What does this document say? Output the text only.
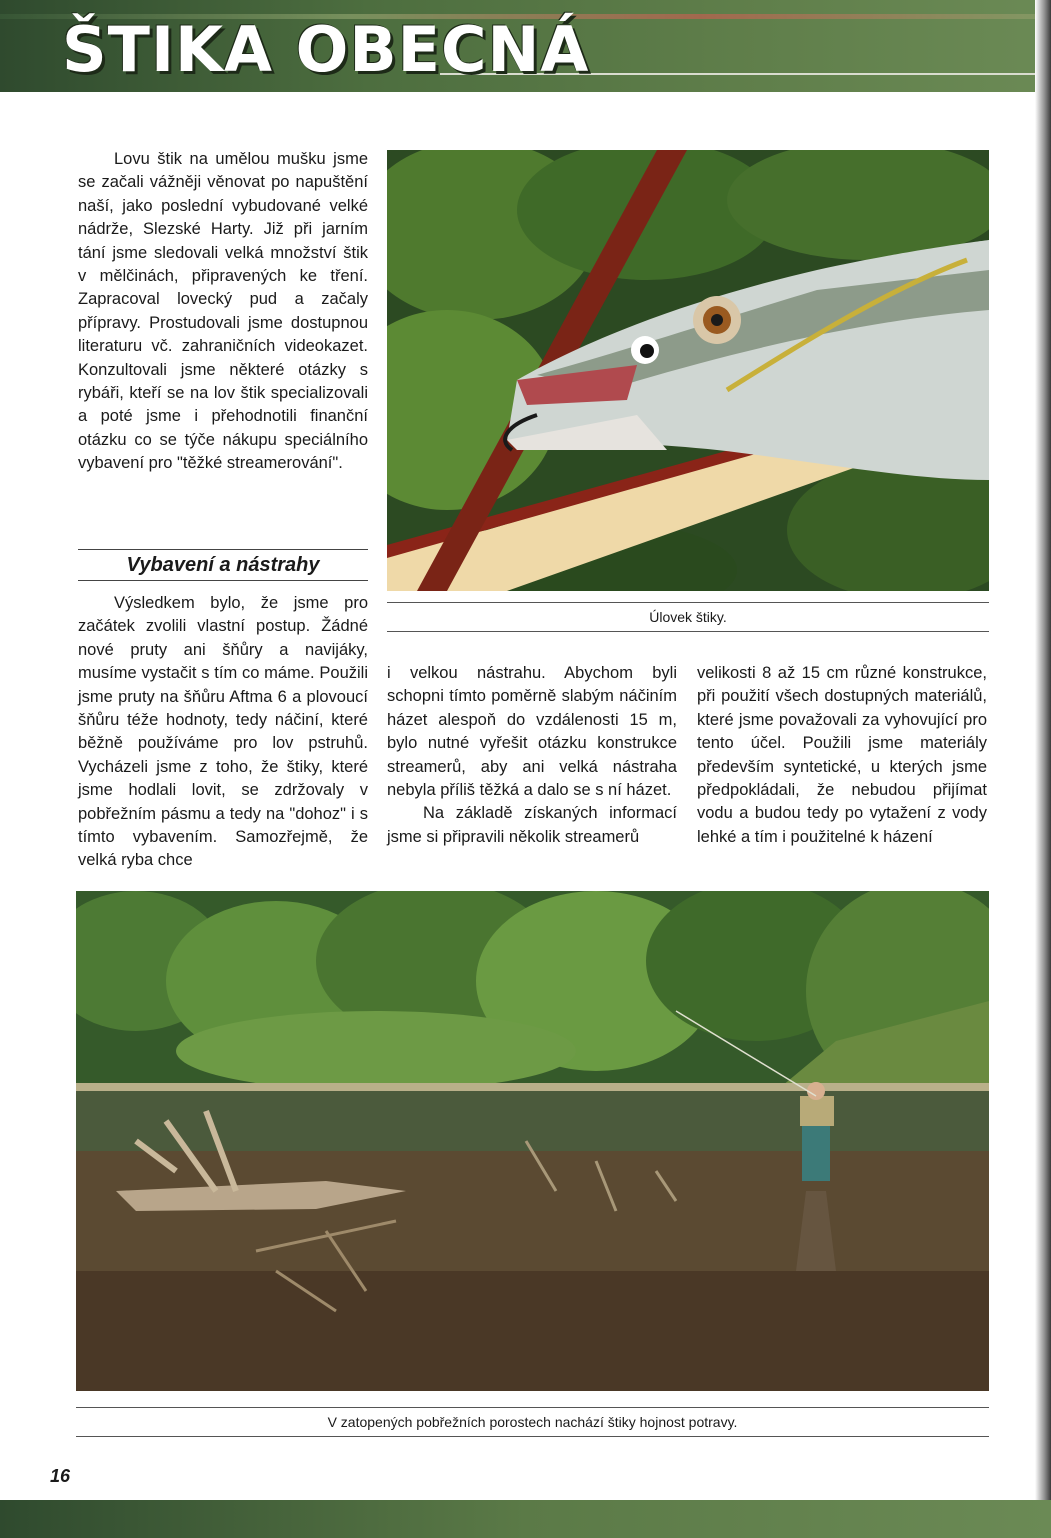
ŠTIKA OBECNÁ

Lovu štik na umělou mušku jsme se začali vážněji věnovat po napuštění naší, jako poslední vybudované velké nádrže, Slezské Harty. Již při jarním tání jsme sledovali velká množství štik v mělčinách, připravených ke tření. Zapracoval lovecký pud a začaly přípravy. Prostudovali jsme dostupnou literaturu vč. zahraničních videokazet. Konzultovali jsme některé otázky s rybáři, kteří se na lov štik specializovali a poté jsme i přehodnotili finanční otázku co se týče nákupu speciálního vybavení pro "těžké streamerování".

Vybavení a nástrahy

Výsledkem bylo, že jsme pro začátek zvolili vlastní postup. Žádné nové pruty ani šňůry a navijáky, musíme vystačit s tím co máme. Použili jsme pruty na šňůru Aftma 6 a plovoucí šňůru téže hodnoty, tedy náčiní, které běžně používáme pro lov pstruhů. Vycházeli jsme z toho, že štiky, které jsme hodlali lovit, se zdržovaly v pobřežním pásmu a tedy na "dohoz" i s tímto vybavením. Samozřejmě, že velká ryba chce

Úlovek štiky.

i velkou nástrahu. Abychom byli schopni tímto poměrně slabým náčiním házet alespoň do vzdálenosti 15 m, bylo nutné vyřešit otázku konstrukce streamerů, aby ani velká nástraha nebyla příliš těžká a dalo se s ní házet.

Na základě získaných informací jsme si připravili několik streamerů

velikosti 8 až 15 cm různé konstrukce, při použití všech dostupných materiálů, které jsme považovali za vyhovující pro tento účel. Použili jsme materiály především syntetické, u kterých jsme předpokládali, že nebudou přijímat vodu a budou tedy po vytažení z vody lehké a tím i použitelné k házení

V zatopených pobřežních porostech nachází štiky hojnost potravy.
16
